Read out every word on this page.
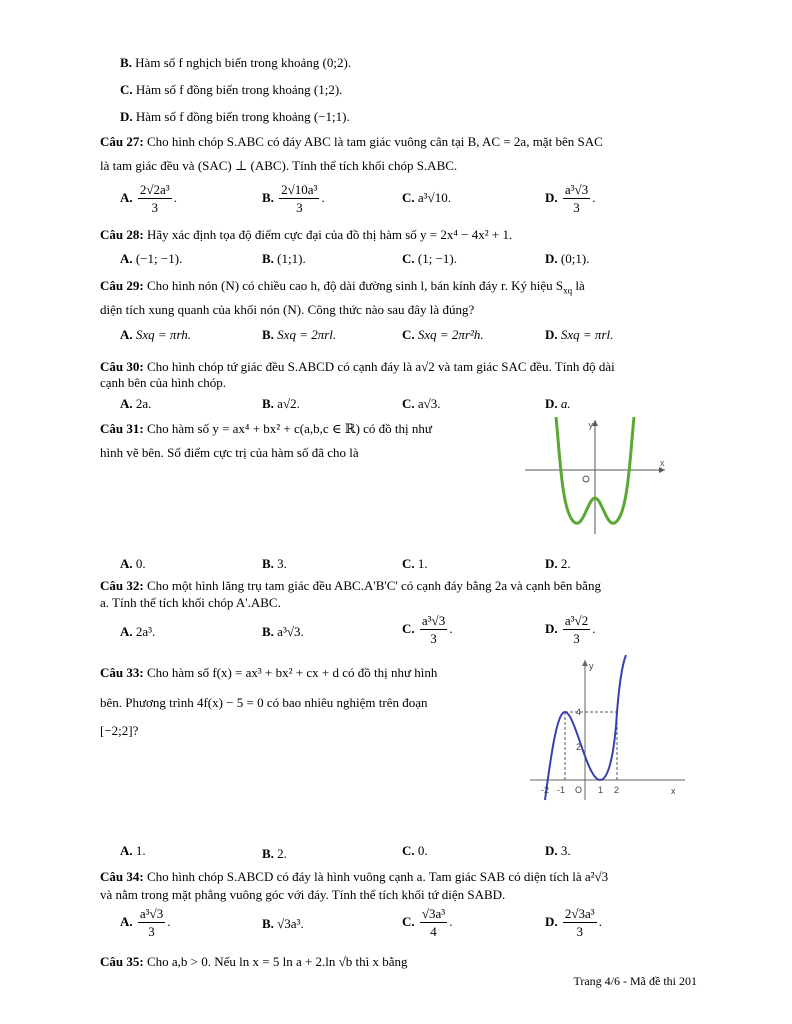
B. Hàm số f nghịch biến trong khoảng (0;2).
C. Hàm số f đồng biến trong khoảng (1;2).
D. Hàm số f đồng biến trong khoảng (−1;1).
Câu 27: Cho hình chóp S.ABC có đáy ABC là tam giác vuông cân tại B, AC = 2a, mặt bên SAC
là tam giác đều và (SAC) ⊥ (ABC). Tính thể tích khối chóp S.ABC.
A. $\frac{\text{2√2a³}}{3}$ .	B. $\frac{\text{2√10a³}}{3}$ .	C. a³√10.	D. $\frac{\text{a³√3}}{3}$ .
Câu 28: Hãy xác định tọa độ điểm cực đại của đồ thị hàm số y = 2x⁴ − 4x² + 1.
A. (−1; −1).	B. (1;1).	C. (1; −1).	D. (0;1).
Câu 29: Cho hình nón (N) có chiều cao h, độ dài đường sinh l, bán kính đáy r. Ký hiệu $S_{xq}$ là
diện tích xung quanh của khối nón (N). Công thức nào sau đây là đúng?
A. Sxq = πrh.	B. Sxq = 2πrl.	C. Sxq = 2πr²h.	D. Sxq = πrl.
Câu 30: Cho hình chóp tứ giác đều S.ABCD có cạnh đáy là a√2 và tam giác SAC đều. Tính độ dài
cạnh bên của hình chóp.
A. 2a.	B. a√2.	C. a√3.	D. a.
Câu 31: Cho hàm số y = ax⁴ + bx² + c(a,b,c ∈ ℝ) có đồ thị như
hình vẽ bên. Số điểm cực trị của hàm số đã cho là
x
y
A. 0.	B. 3.	C. 1.	D. 2.
Câu 32: Cho một hình lăng trụ tam giác đều ABC.A'B'C' có cạnh đáy bằng 2a và cạnh bên bằng
a. Tính thể tích khối chóp A'.ABC.
A. 2a³.	B. a³√3.	C. $\frac{\text{a³√3}}{3}$ .	D. $\frac{\text{a³√2}}{3}$ .
Câu 33: Cho hàm số f(x) = ax³ + bx² + cx + d có đồ thị như hình
bên. Phương trình 4f(x) − 5 = 0 có bao nhiêu nghiệm trên đoạn
[−2;2]?
y
x
4
2
-2 -1 O 1 2
A. 1.	B. 2.	C. 0.	D. 3.
Câu 34: Cho hình chóp S.ABCD có đáy là hình vuông cạnh a. Tam giác SAB có diện tích là a²√3
và nằm trong mặt phẳng vuông góc với đáy. Tính thể tích khối tứ diện SABD.
A. $\frac{\text{a³√3}}{3}$ .	B. √3a³.	C. $\frac{\text{√3a³}}{4}$ .	D. $\frac{\text{2√3a³}}{3}$ .
Câu 35: Cho a,b > 0. Nếu ln x = 5 ln a + 2.ln √b thì x bằng
Trang 4/6 - Mã đề thi 201
